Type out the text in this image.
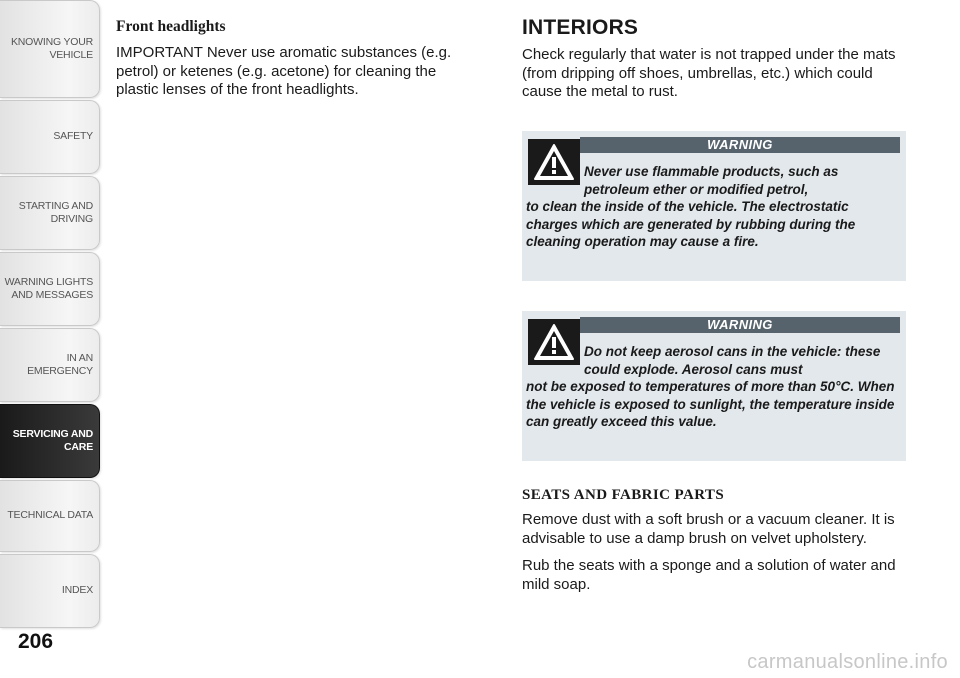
KNOWING YOUR
VEHICLE
SAFETY
STARTING AND
DRIVING
WARNING LIGHTS
AND MESSAGES
IN AN EMERGENCY
SERVICING AND
CARE
TECHNICAL DATA
INDEX
206
Front headlights

IMPORTANT Never use aromatic substances (e.g. petrol) or ketenes (e.g. acetone) for cleaning the plastic lenses of the front headlights.

INTERIORS

Check regularly that water is not trapped under the mats (from dripping off shoes, umbrellas, etc.) which could cause the metal to rust.

WARNING
Never use flammable products, such as petroleum ether or modified petrol,
to clean the inside of the vehicle. The electrostatic charges which are generated by rubbing during the cleaning operation may cause a fire.
WARNING
Do not keep aerosol cans in the vehicle: these could explode. Aerosol cans must
not be exposed to temperatures of more than 50°C. When the vehicle is exposed to sunlight, the temperature inside can greatly exceed this value.
SEATS AND FABRIC PARTS

Remove dust with a soft brush or a vacuum cleaner. It is advisable to use a damp brush on velvet upholstery.

Rub the seats with a sponge and a solution of water and mild soap.

carmanualsonline.info
